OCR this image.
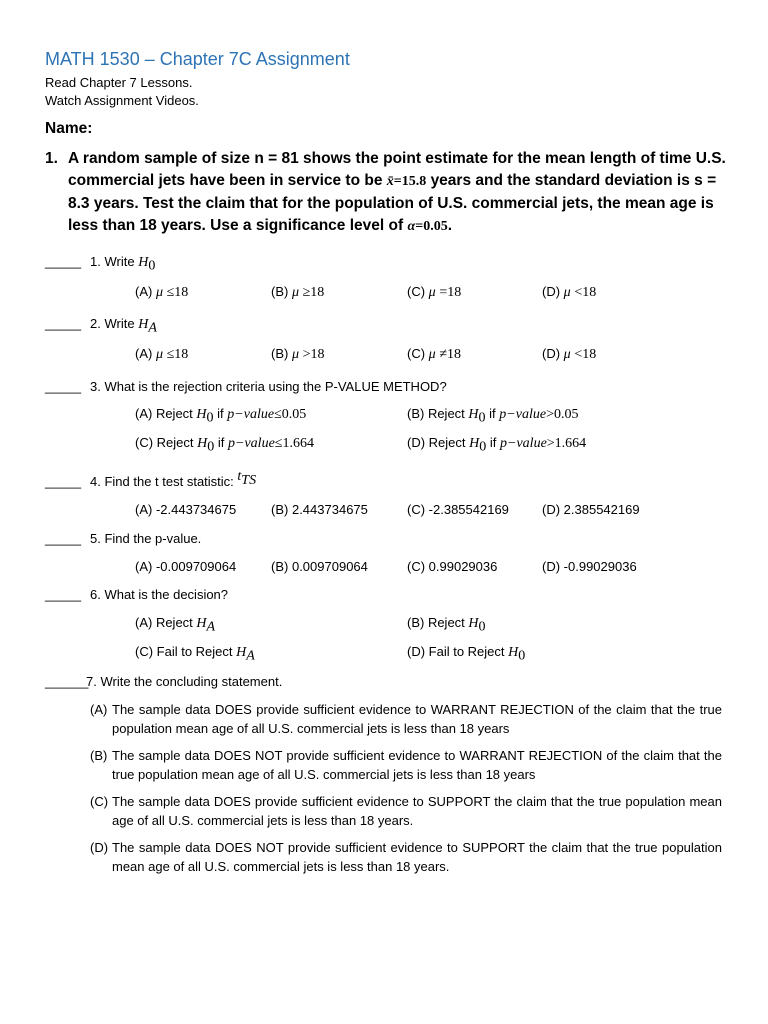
MATH 1530 – Chapter 7C Assignment
Read Chapter 7 Lessons.
Watch Assignment Videos.
Name:
1. A random sample of size n = 81 shows the point estimate for the mean length of time U.S. commercial jets have been in service to be x̄=15.8 years and the standard deviation is s = 8.3 years. Test the claim that for the population of U.S. commercial jets, the mean age is less than 18 years. Use a significance level of α=0.05.
_____ 1. Write $H_0$
(A) μ ≤18	(B) μ ≥18	(C) μ =18	(D) μ <18
_____ 2. Write $H_A$
(A) μ ≤18	(B) μ >18	(C) μ ≠18	(D) μ <18
_____ 3. What is the rejection criteria using the P-VALUE METHOD?
(A) Reject $H_0$ if p−value≤0.05	(B) Reject $H_0$ if p−value>0.05
(C) Reject $H_0$ if p−value≤1.664	(D) Reject $H_0$ if p−value>1.664
_____ 4. Find the t test statistic: $t_{TS}$
(A) -2.443734675	(B) 2.443734675	(C) -2.385542169	(D) 2.385542169
_____ 5. Find the p-value.
(A) -0.009709064	(B) 0.009709064	(C) 0.99029036	(D) -0.99029036
_____ 6. What is the decision?
(A) Reject $H_A$	(B) Reject $H_0$
(C) Fail to Reject $H_A$	(D) Fail to Reject $H_0$
______
7. Write the concluding statement.
(A) The sample data DOES provide sufficient evidence to WARRANT REJECTION of the claim that the true population mean age of all U.S. commercial jets is less than 18 years
(B) The sample data DOES NOT provide sufficient evidence to WARRANT REJECTION of the claim that the true population mean age of all U.S. commercial jets is less than 18 years
(C) The sample data DOES provide sufficient evidence to SUPPORT the claim that the true population mean age of all U.S. commercial jets is less than 18 years.
(D) The sample data DOES NOT provide sufficient evidence to SUPPORT the claim that the true population mean age of all U.S. commercial jets is less than 18 years.
